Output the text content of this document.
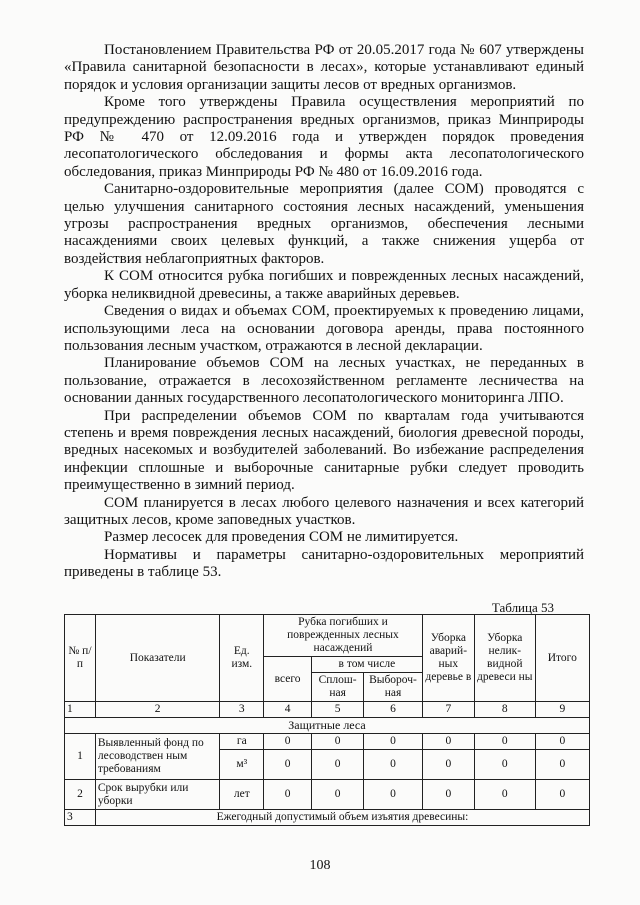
Постановлением Правительства РФ от 20.05.2017 года № 607 утверждены «Правила санитарной безопасности в лесах», которые устанавливают единый порядок и условия организации защиты лесов от вредных организмов.

Кроме того утверждены Правила осуществления мероприятий по предупреждению распространения вредных организмов, приказ Минприроды РФ № 470 от 12.09.2016 года и утвержден порядок проведения лесопатологического обследования и формы акта лесопатологического обследования, приказ Минприроды РФ № 480 от 16.09.2016 года.

Санитарно-оздоровительные мероприятия (далее СОМ) проводятся с целью улучшения санитарного состояния лесных насаждений, уменьшения угрозы распространения вредных организмов, обеспечения лесными насаждениями своих целевых функций, а также снижения ущерба от воздействия неблагоприятных факторов.

К СОМ относится рубка погибших и поврежденных лесных насаждений, уборка неликвидной древесины, а также аварийных деревьев.

Сведения о видах и объемах СОМ, проектируемых к проведению лицами, использующими леса на основании договора аренды, права постоянного пользования лесным участком, отражаются в лесной декларации.

Планирование объемов СОМ на лесных участках, не переданных в пользование, отражается в лесохозяйственном регламенте лесничества на основании данных государственного лесопатологического мониторинга ЛПО.

При распределении объемов СОМ по кварталам года учитываются степень и время повреждения лесных насаждений, биология древесной породы, вредных насекомых и возбудителей заболеваний. Во избежание распределения инфекции сплошные и выборочные санитарные рубки следует проводить преимущественно в зимний период.

СОМ планируется в лесах любого целевого назначения и всех категорий защитных лесов, кроме заповедных участков.

Размер лесосек для проведения СОМ не лимитируется.

Нормативы и параметры санитарно-оздоровительных мероприятий приведены в таблице 53.

Таблица 53
№ п/п	Показатели	Ед. изм.	Рубка погибших и поврежденных лесных насаждений			Уборка аварий-ных деревье в	Уборка нелик-видной древеси ны	Итого
			всего	в том числе				
				Сплош-ная	Выбороч-ная			
1	2	3	4	5	6	7	8	9
Защитные леса								
1	Выявленный фонд по лесоводствен ным требованиям	га	0	0	0	0	0	0
		м³	0	0	0	0	0	0
2	Срок вырубки или уборки	лет	0	0	0	0	0	0
3	Ежегодный допустимый объем изъятия древесины:							
108
